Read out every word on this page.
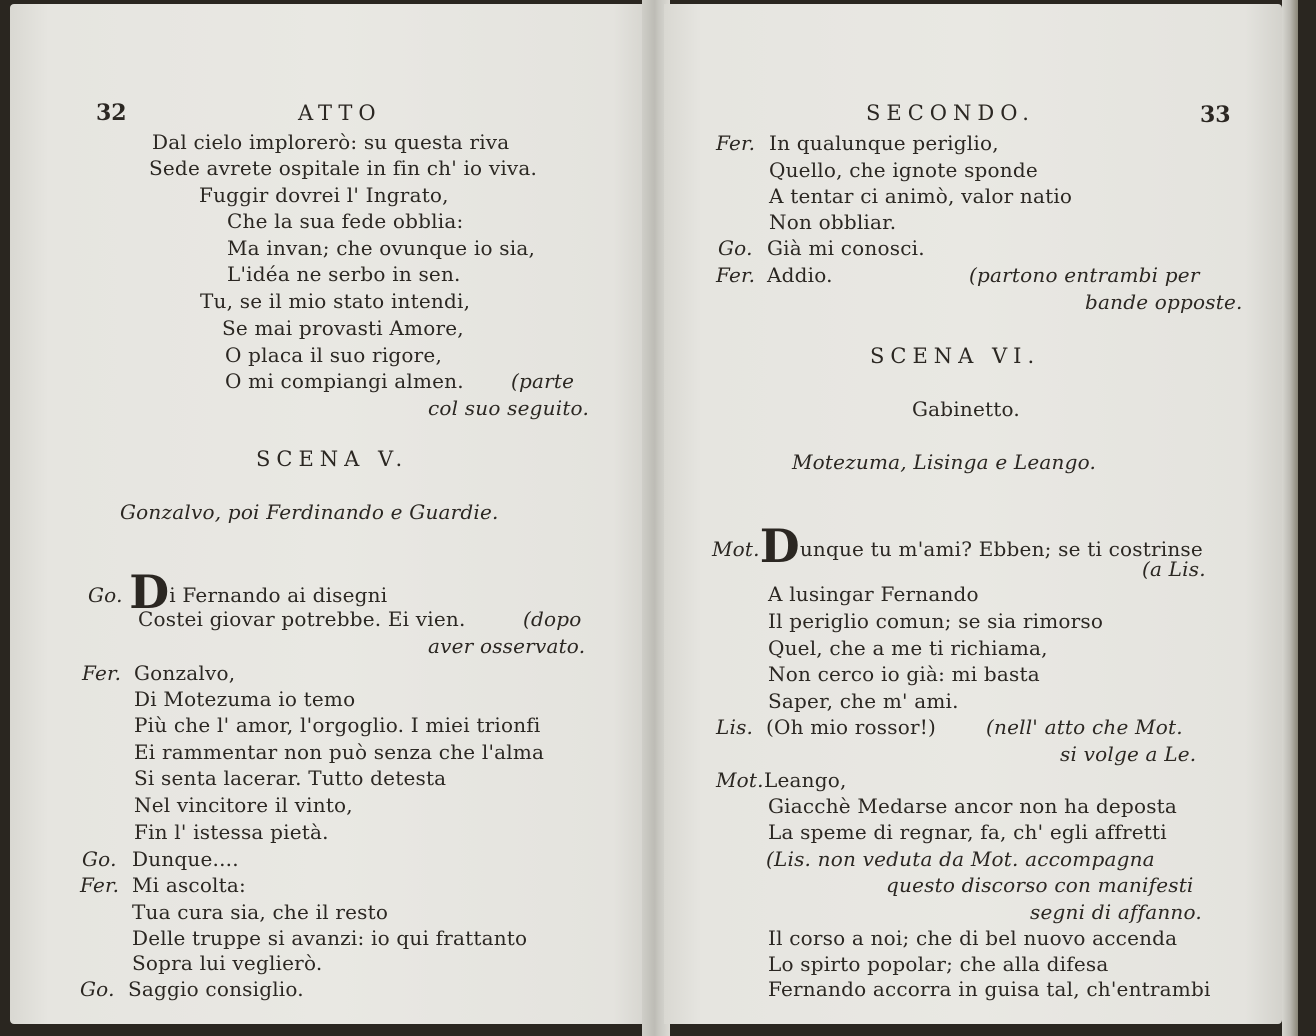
32	ATTO
Dal cielo implorerò: su questa riva
Sede avrete ospitale in fin ch' io viva.
Fuggir dovrei l' Ingrato,
Che la sua fede obblia:
Ma invan; che ovunque io sia,
L'idéa ne serbo in sen.
Tu, se il mio stato intendi,
Se mai provasti Amore,
O placa il suo rigore,
O mi compiangi almen. (parte
col suo seguito.
SCENA V.
Gonzalvo, poi Ferdinando e Guardie.
Go. Di Fernando ai disegni
Costei giovar potrebbe. Ei vien.	(dopo
aver osservato.
Fer. Gonzalvo,
Di Motezuma io temo
Più che l' amor, l'orgoglio. I miei trionfi
Ei rammentar non può senza che l'alma
Si senta lacerar. Tutto detesta
Nel vincitore il vinto,
Fin l' istessa pietà.
Go. Dunque....
Fer. Mi ascolta:
Tua cura sia, che il resto
Delle truppe si avanzi: io qui frattanto
Sopra lui veglierò.
Go. Saggio consiglio.
SECONDO.	33
Fer. In qualunque periglio,
Quello, che ignote sponde
A tentar ci animò, valor natio
Non obbliar.
Go. Già mi conosci.
Fer. Addio.	(partono entrambi per
bande opposte.
SCENA VI.
Gabinetto.
Motezuma, Lisinga e Leango.
Mot.Dunque tu m'ami? Ebben; se ti costrinse
(a Lis.
A lusingar Fernando
Il periglio comun; se sia rimorso
Quel, che a me ti richiama,
Non cerco io già: mi basta
Saper, che m' ami.
Lis. (Oh mio rossor!)	(nell' atto che Mot.
si volge a Le.
Mot. Leango,
Giacchè Medarse ancor non ha deposta
La speme di regnar, fa, ch' egli affretti
(Lis. non veduta da Mot. accompagna
questo discorso con manifesti
segni di affanno.
Il corso a noi; che di bel nuovo accenda
Lo spirto popolar; che alla difesa
Fernando accorra in guisa tal, ch'entrambi
